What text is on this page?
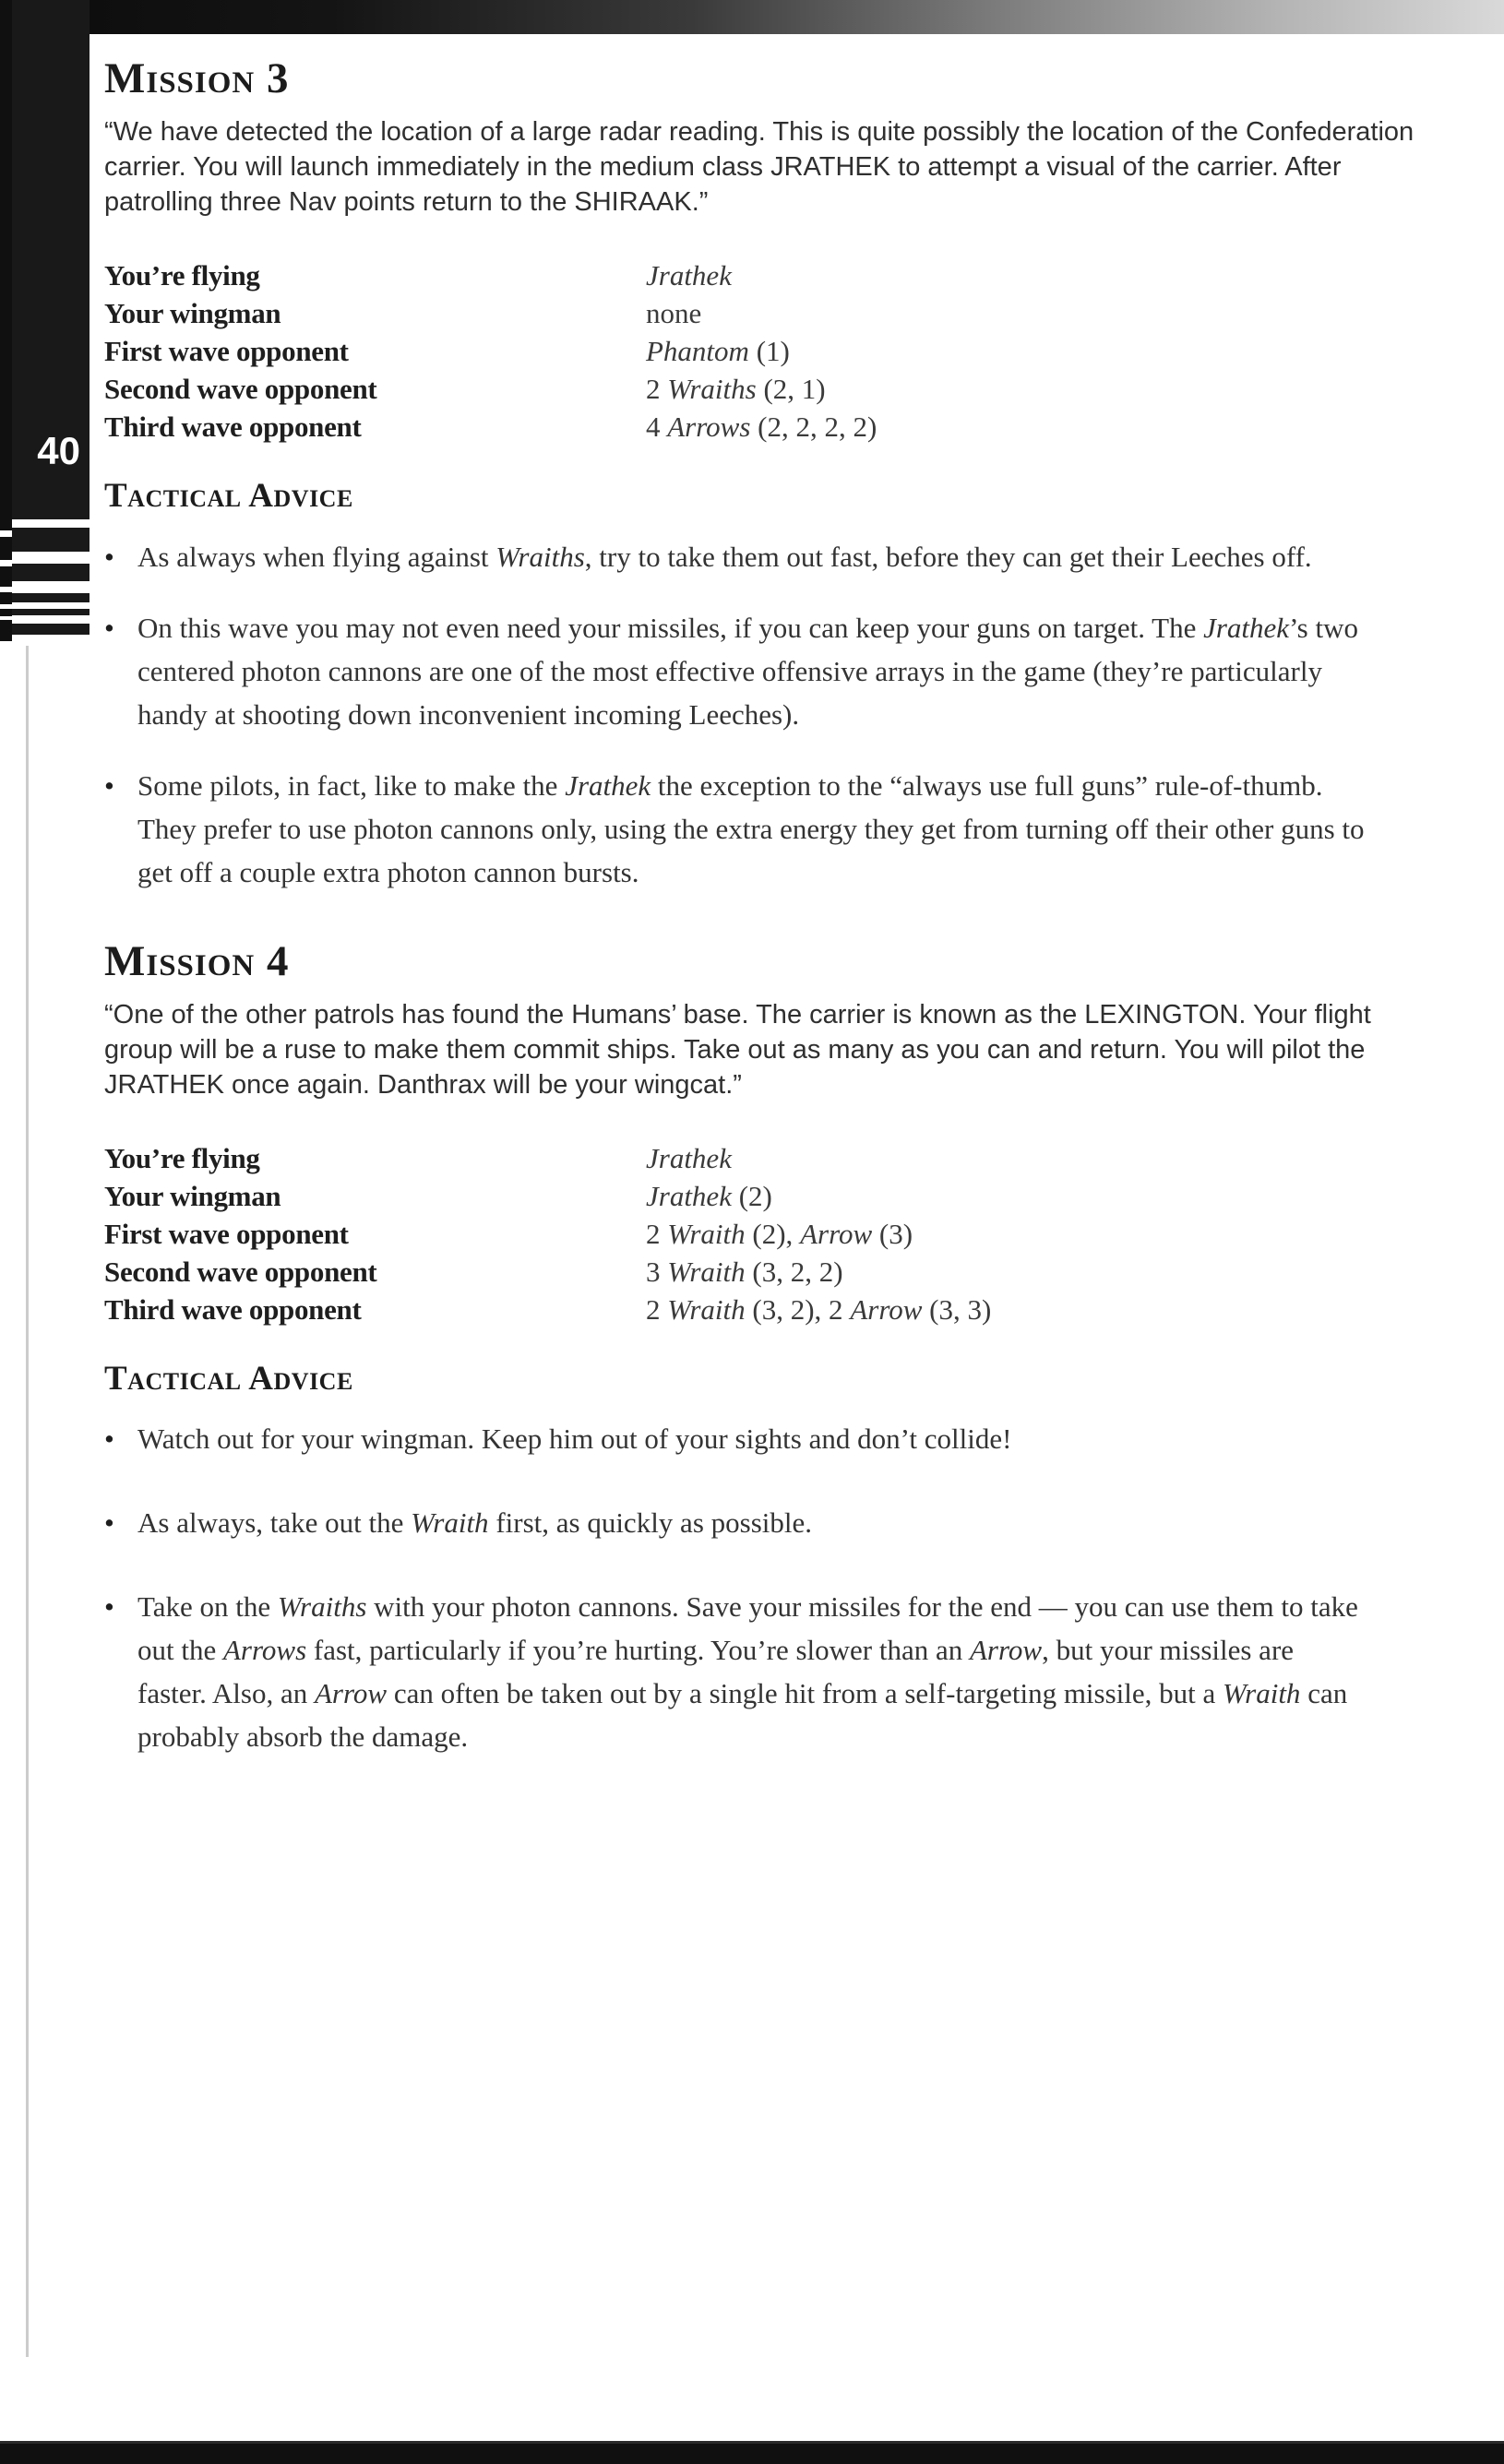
40
Mission 3

“We have detected the location of a large radar reading. This is quite possibly the location of the Confederation carrier. You will launch immediately in the medium class JRATHEK to attempt a visual of the carrier. After patrolling three Nav points return to the SHIRAAK.”

You’re flying	Jrathek
Your wingman	none
First wave opponent	Phantom (1)
Second wave opponent	2 Wraiths (2, 1)
Third wave opponent	4 Arrows (2, 2, 2, 2)
Tactical Advice
• As always when flying against Wraiths, try to take them out fast, before they can get their Leeches off.
• On this wave you may not even need your missiles, if you can keep your guns on target. The Jrathek’s two centered photon cannons are one of the most effective offensive arrays in the game (they’re particularly handy at shooting down inconvenient incoming Leeches).
• Some pilots, in fact, like to make the Jrathek the exception to the “always use full guns” rule-of-thumb. They prefer to use photon cannons only, using the extra energy they get from turning off their other guns to get off a couple extra photon cannon bursts.
Mission 4

“One of the other patrols has found the Humans’ base. The carrier is known as the LEXINGTON. Your flight group will be a ruse to make them commit ships. Take out as many as you can and return. You will pilot the JRATHEK once again. Danthrax will be your wingcat.”

You’re flying	Jrathek
Your wingman	Jrathek (2)
First wave opponent	2 Wraith (2), Arrow (3)
Second wave opponent	3 Wraith (3, 2, 2)
Third wave opponent	2 Wraith (3, 2), 2 Arrow (3, 3)
Tactical Advice
• Watch out for your wingman. Keep him out of your sights and don’t collide!
• As always, take out the Wraith first, as quickly as possible.
• Take on the Wraiths with your photon cannons. Save your missiles for the end — you can use them to take out the Arrows fast, particularly if you’re hurting. You’re slower than an Arrow, but your missiles are faster. Also, an Arrow can often be taken out by a single hit from a self-targeting missile, but a Wraith can probably absorb the damage.
